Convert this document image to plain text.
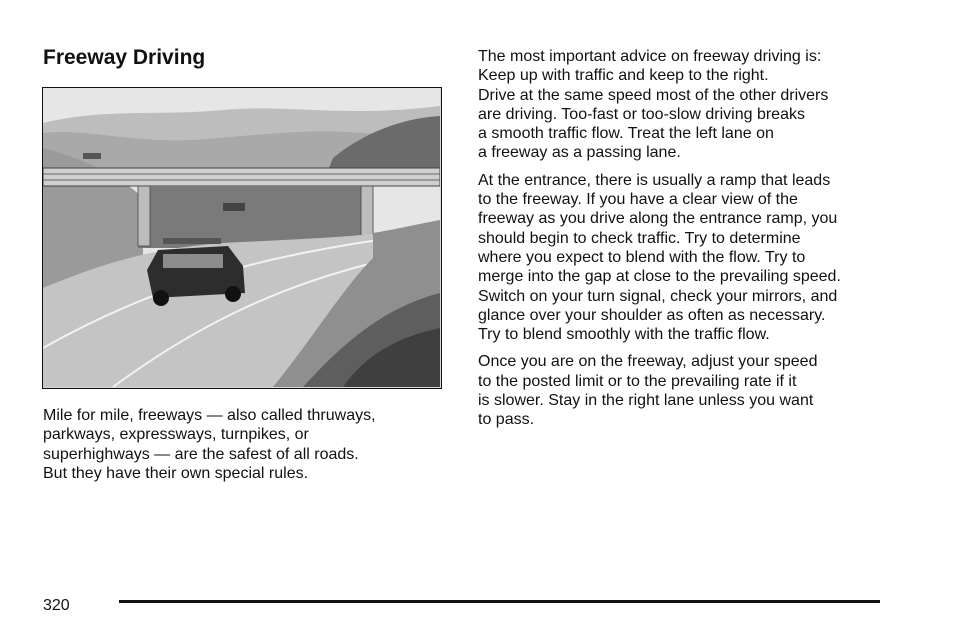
Freeway Driving

Mile for mile, freeways — also called thruways,
parkways, expressways, turnpikes, or
superhighways — are the safest of all roads.
But they have their own special rules.

The most important advice on freeway driving is:
Keep up with traffic and keep to the right.
Drive at the same speed most of the other drivers
are driving. Too-fast or too-slow driving breaks
a smooth traffic flow. Treat the left lane on
a freeway as a passing lane.

At the entrance, there is usually a ramp that leads
to the freeway. If you have a clear view of the
freeway as you drive along the entrance ramp, you
should begin to check traffic. Try to determine
where you expect to blend with the flow. Try to
merge into the gap at close to the prevailing speed.
Switch on your turn signal, check your mirrors, and
glance over your shoulder as often as necessary.
Try to blend smoothly with the traffic flow.

Once you are on the freeway, adjust your speed
to the posted limit or to the prevailing rate if it
is slower. Stay in the right lane unless you want
to pass.

320
